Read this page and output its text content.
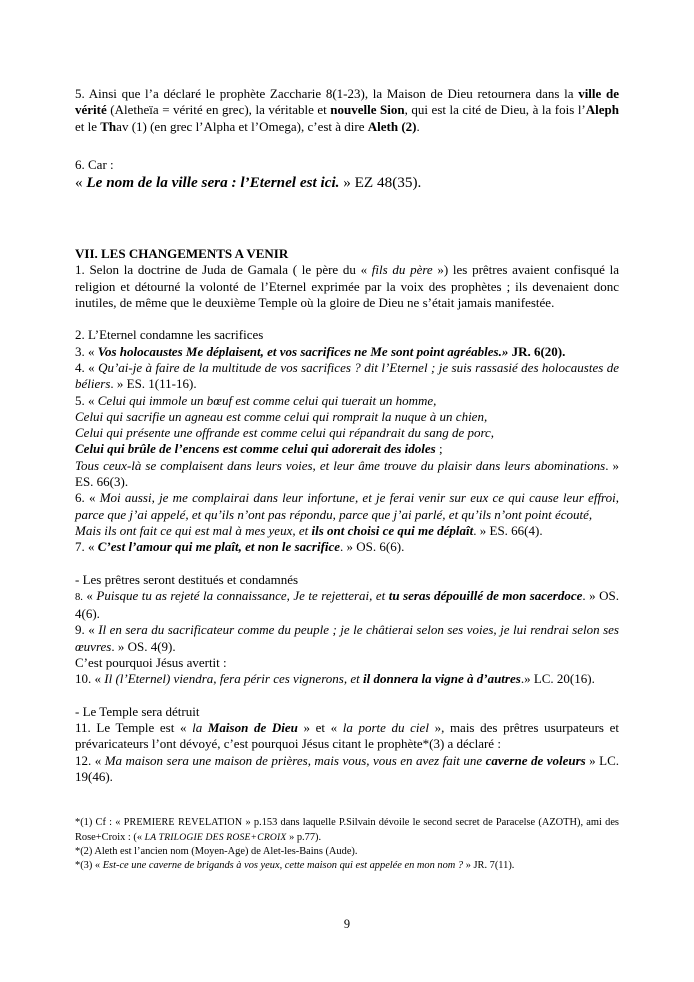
5. Ainsi que l’a déclaré le prophète Zaccharie 8(1-23), la Maison de Dieu retournera dans la ville de vérité (Aletheïa = vérité en grec), la véritable et nouvelle Sion, qui est la cité de Dieu, à la fois l’Aleph et le Thav (1) (en grec l’Alpha et l’Omega), c’est à dire Aleth (2).

6. Car :

« Le nom de la ville sera : l’Eternel est ici. » EZ 48(35).

VII. LES CHANGEMENTS A VENIR

1. Selon la doctrine de Juda de Gamala ( le père du « fils du père ») les prêtres avaient confisqué la religion et détourné la volonté de l’Eternel exprimée par la voix des prophètes ; ils devenaient donc inutiles, de même que le deuxième Temple où la gloire de Dieu ne s’était jamais manifestée.

2. L’Eternel condamne les sacrifices

3. « Vos holocaustes Me déplaisent, et vos sacrifices ne Me sont point agréables.» JR. 6(20).

4. « Qu’ai-je à faire de la multitude de vos sacrifices ? dit l’Eternel ; je suis rassasié des holocaustes de béliers. » ES. 1(11-16).

5. « Celui qui immole un bœuf est comme celui qui tuerait un homme,

Celui qui sacrifie un agneau est comme celui qui romprait la nuque à un chien,

Celui qui présente une offrande est comme celui qui répandrait du sang de porc,

Celui qui brûle de l’encens est comme celui qui adorerait des idoles ;

Tous ceux-là se complaisent dans leurs voies, et leur âme trouve du plaisir dans leurs abominations. » ES. 66(3).

6. « Moi aussi, je me complairai dans leur infortune, et je ferai venir sur eux ce qui cause leur effroi, parce que j’ai appelé, et qu’ils n’ont pas répondu, parce que j’ai parlé, et qu’ils n’ont point écouté,

Mais ils ont fait ce qui est mal à mes yeux, et ils ont choisi ce qui me déplaît. » ES. 66(4).

7. « C’est l’amour qui me plaît, et non le sacrifice. » OS. 6(6).

- Les prêtres seront destitués et condamnés

8. « Puisque tu as rejeté la connaissance, Je te rejetterai, et tu seras dépouillé de mon sacerdoce. » OS. 4(6).

9. « Il en sera du sacrificateur comme du peuple ; je le châtierai selon ses voies, je lui rendrai selon ses œuvres. » OS. 4(9).

C’est pourquoi Jésus avertit :

10. « Il (l’Eternel) viendra, fera périr ces vignerons, et il donnera la vigne à d’autres.» LC. 20(16).

- Le Temple sera détruit

11. Le Temple est « la Maison de Dieu » et « la porte du ciel », mais des prêtres usurpateurs et prévaricateurs l’ont dévoyé, c’est pourquoi Jésus citant le prophète*(3) a déclaré :

12. « Ma maison sera une maison de prières, mais vous, vous en avez fait une caverne de voleurs » LC. 19(46).

*(1) Cf : « PREMIERE REVELATION » p.153 dans laquelle P.Silvain dévoile le second secret de Paracelse (AZOTH), ami des Rose+Croix : (« LA TRILOGIE DES ROSE+CROIX » p.77).

*(2) Aleth est l’ancien nom (Moyen-Age) de Alet-les-Bains (Aude).

*(3) « Est-ce une caverne de brigands à vos yeux, cette maison qui est appelée en mon nom ? » JR. 7(11).

9
